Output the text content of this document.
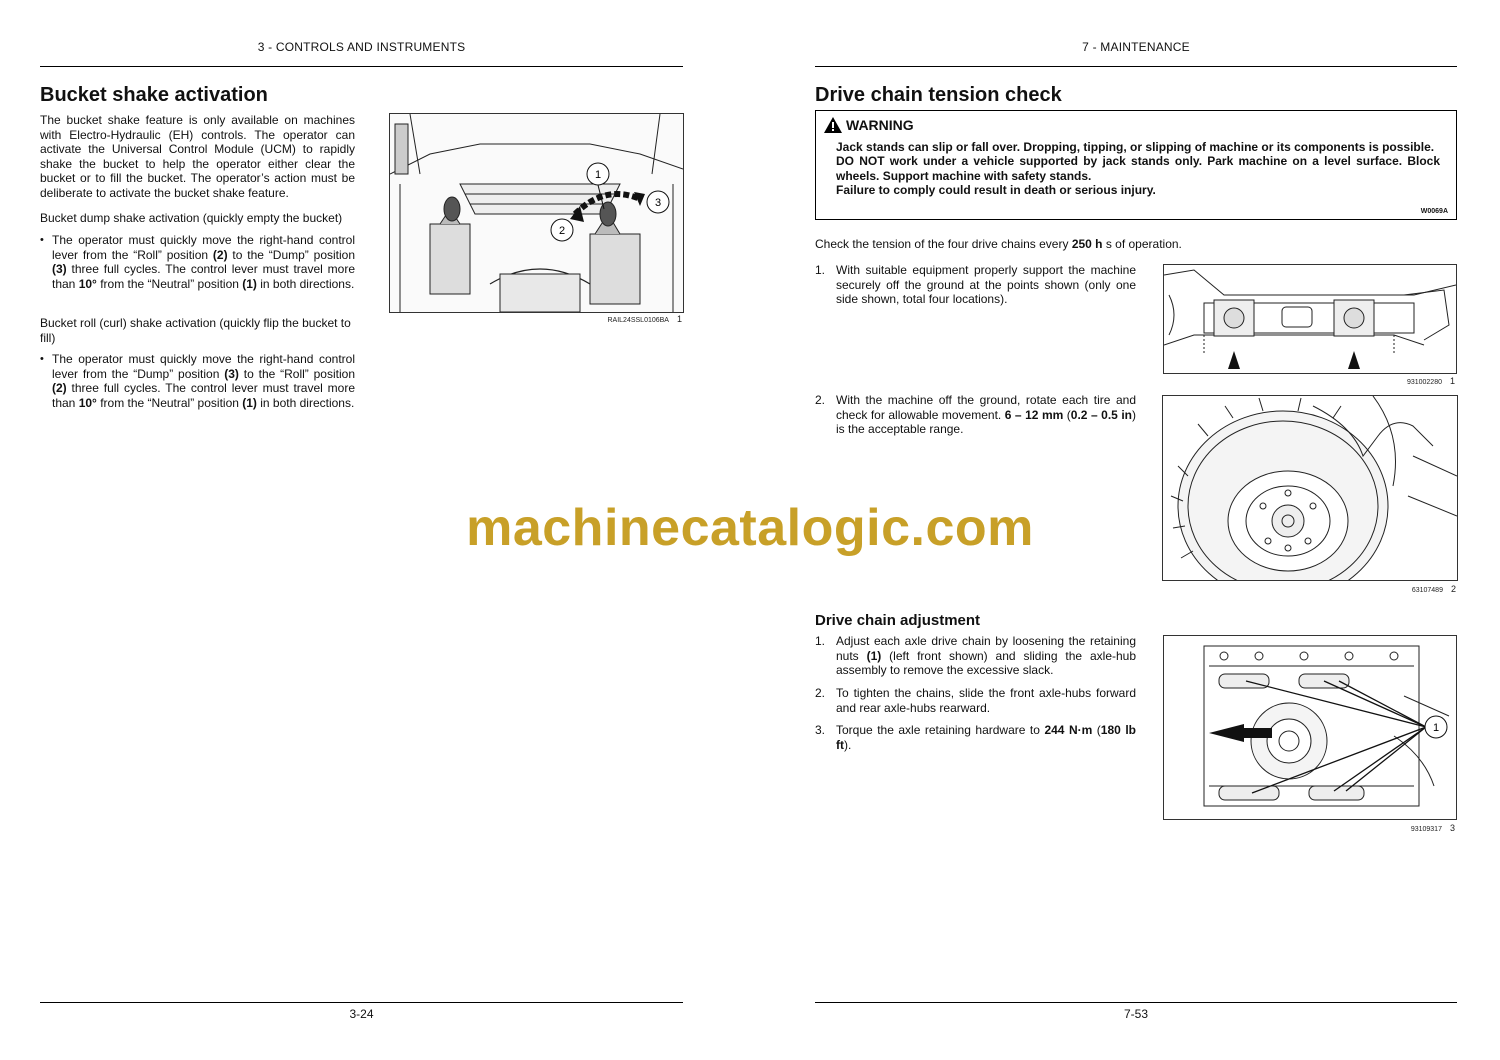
3 - CONTROLS AND INSTRUMENTS
Bucket shake activation
The bucket shake feature is only available on machines with Electro-Hydraulic (EH) controls. The operator can activate the Universal Control Module (UCM) to rapidly shake the bucket to help the operator either clear the bucket or to fill the bucket. The operator’s action must be deliberate to activate the bucket shake feature.
Bucket dump shake activation (quickly empty the bucket)
• The operator must quickly move the right-hand control lever from the “Roll” position (2) to the “Dump” position (3) three full cycles. The control lever must travel more than 10° from the “Neutral” position (1) in both directions.
Bucket roll (curl) shake activation (quickly flip the bucket to fill)
• The operator must quickly move the right-hand control lever from the “Dump” position (3) to the “Roll” position (2) three full cycles. The control lever must travel more than 10° from the “Neutral” position (1) in both directions.
1
2
3
RAIL24SSL0106BA 1
3-24
7 - MAINTENANCE
Drive chain tension check
WARNING
Jack stands can slip or fall over. Dropping, tipping, or slipping of machine or its components is possible.
DO NOT work under a vehicle supported by jack stands only. Park machine on a level surface. Block wheels. Support machine with safety stands.
Failure to comply could result in death or serious injury.
W0069A
Check the tension of the four drive chains every 250 h s of operation.
1. With suitable equipment properly support the machine securely off the ground at the points shown (only one side shown, total four locations).
2. With the machine off the ground, rotate each tire and check for allowable movement. 6 – 12 mm (0.2 – 0.5 in) is the acceptable range.
Drive chain adjustment
1. Adjust each axle drive chain by loosening the retaining nuts (1) (left front shown) and sliding the axle-hub assembly to remove the excessive slack.
2. To tighten the chains, slide the front axle-hubs forward and rear axle-hubs rearward.
3. Torque the axle retaining hardware to 244 N·m (180 lb ft).
931002280 1
63107489 2
1
93109317 3
7-53
machinecatalogic.com
